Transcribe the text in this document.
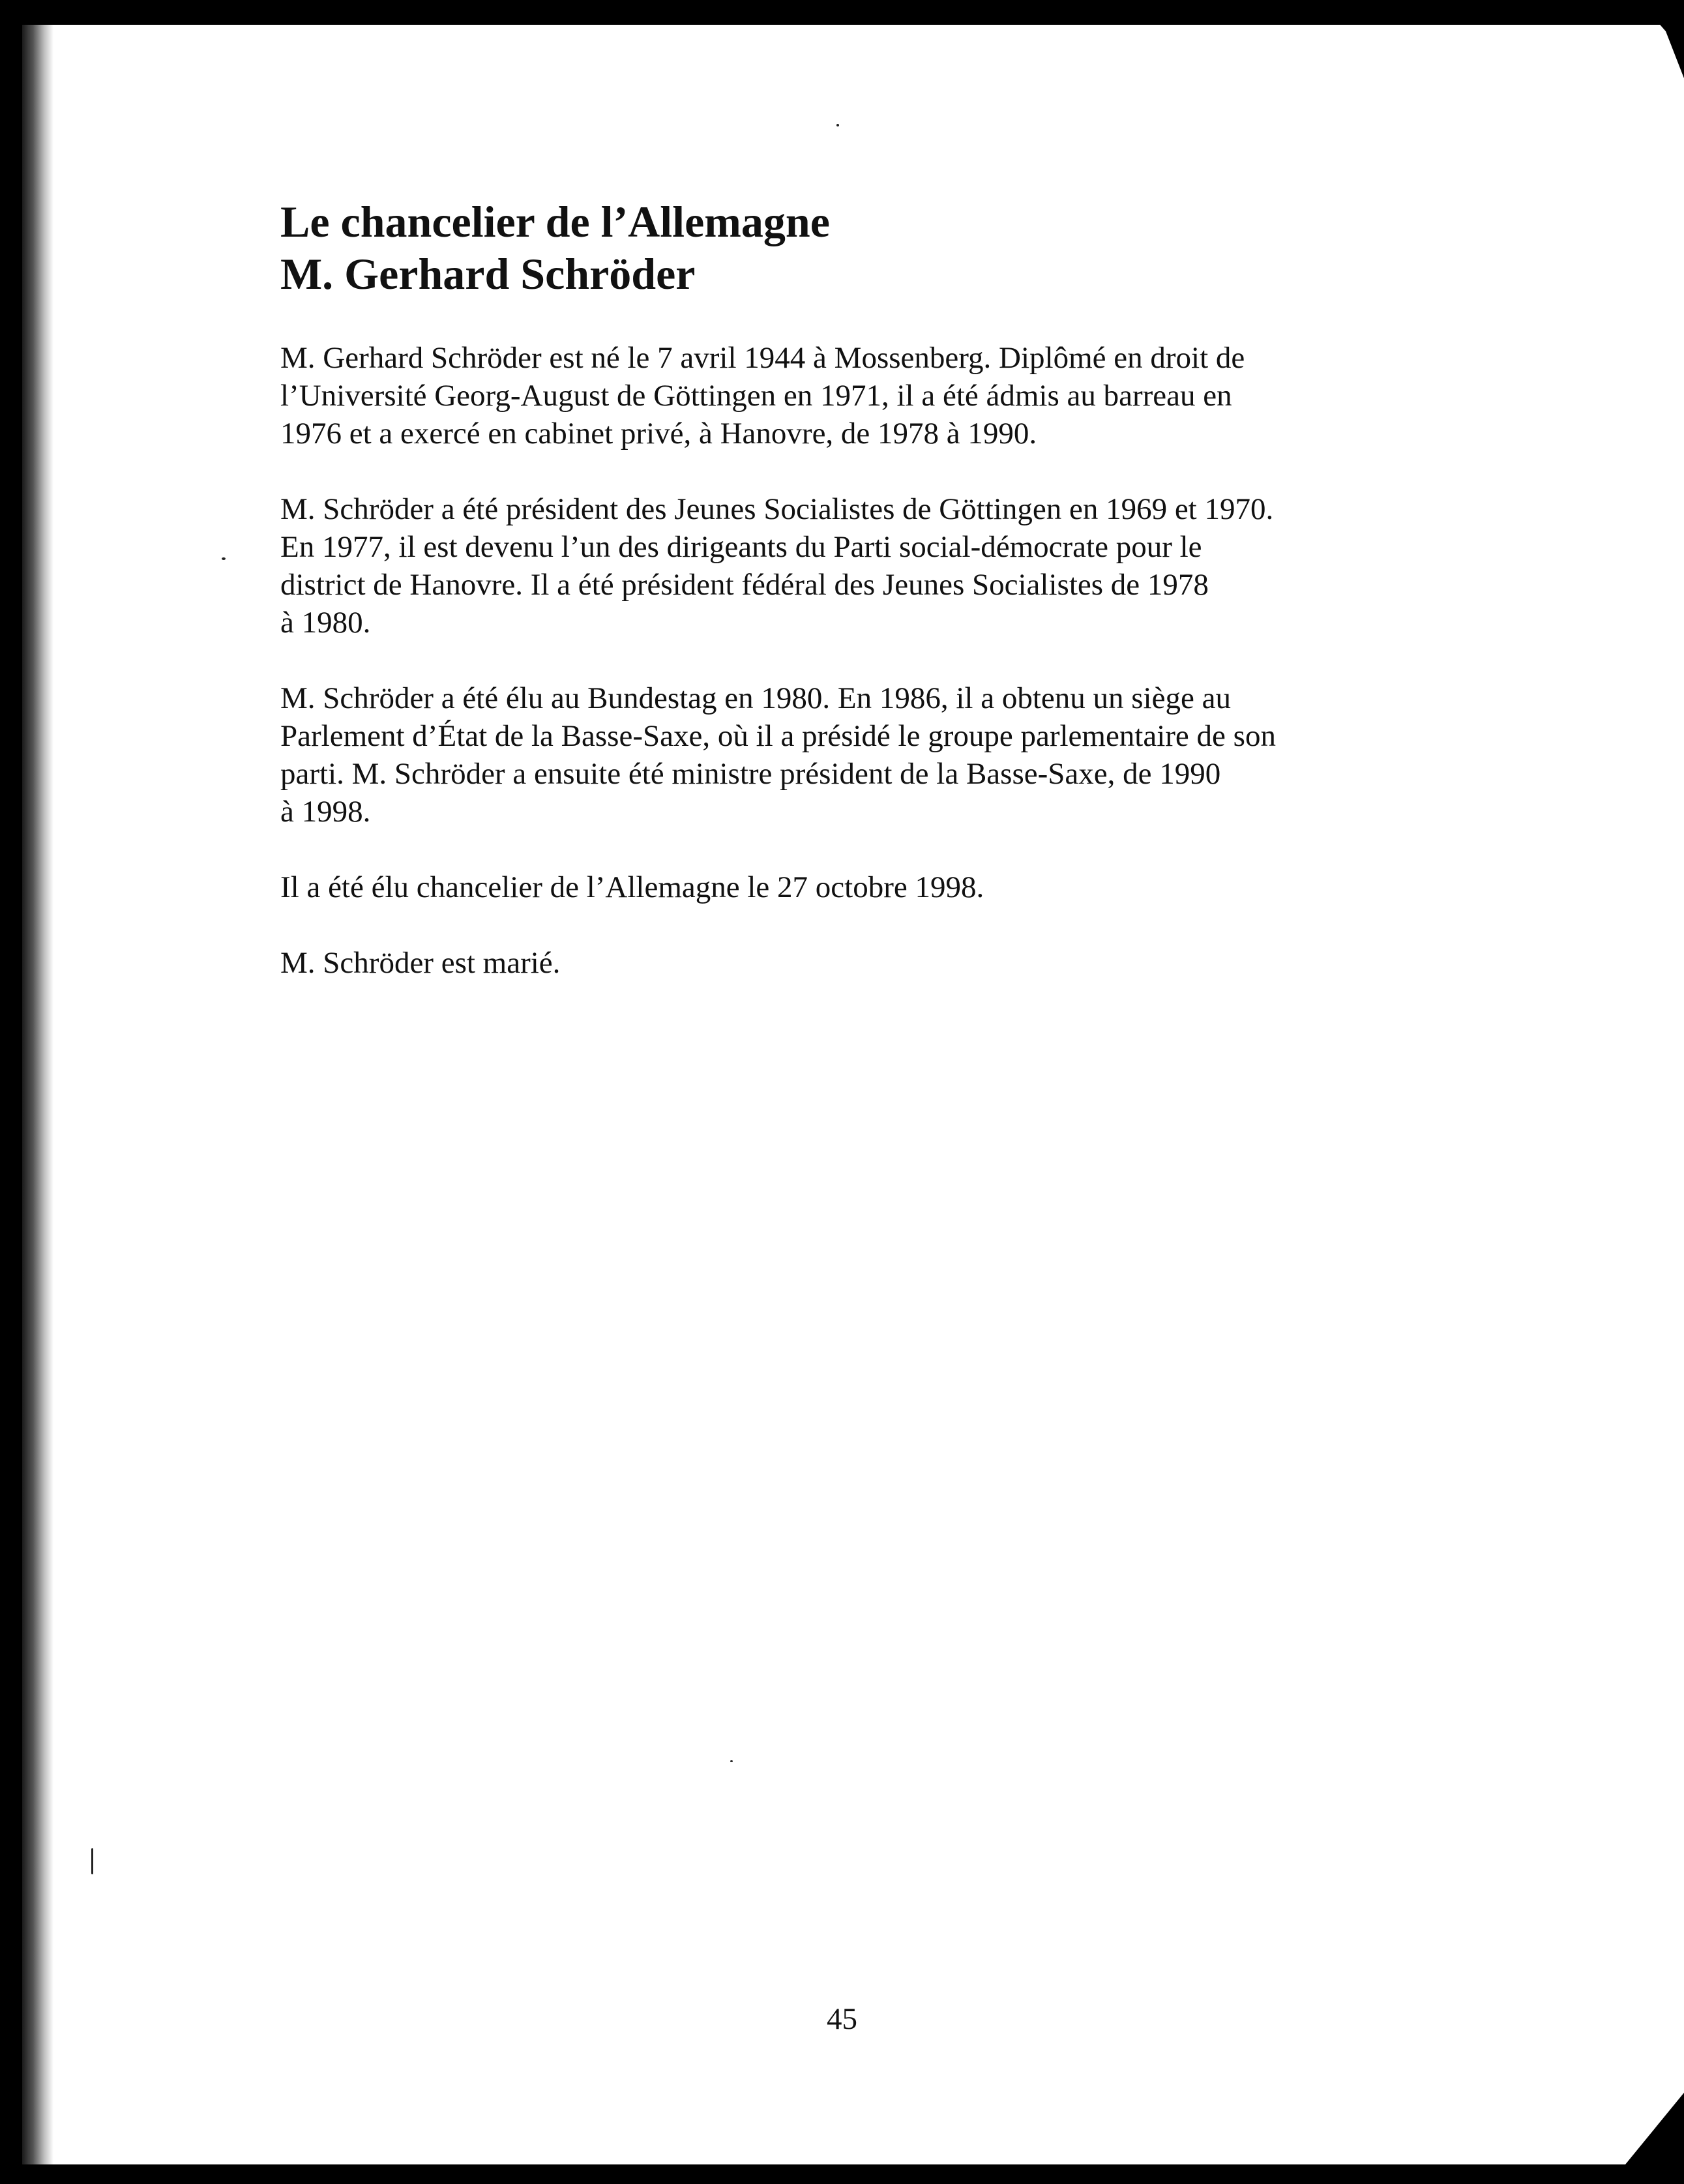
Le chancelier de l’Allemagne
M. Gerhard Schröder

M. Gerhard Schröder est né le 7 avril 1944 à Mossenberg. Diplômé en droit de
l’Université Georg-August de Göttingen en 1971, il a été ádmis au barreau en
1976 et a exercé en cabinet privé, à Hanovre, de 1978 à 1990.

M. Schröder a été président des Jeunes Socialistes de Göttingen en 1969 et 1970.
En 1977, il est devenu l’un des dirigeants du Parti social-démocrate pour le
district de Hanovre. Il a été président fédéral des Jeunes Socialistes de 1978
à 1980.

M. Schröder a été élu au Bundestag en 1980. En 1986, il a obtenu un siège au
Parlement d’État de la Basse-Saxe, où il a présidé le groupe parlementaire de son
parti. M. Schröder a ensuite été ministre président de la Basse-Saxe, de 1990
à 1998.

Il a été élu chancelier de l’Allemagne le 27 octobre 1998.

M. Schröder est marié.

45
